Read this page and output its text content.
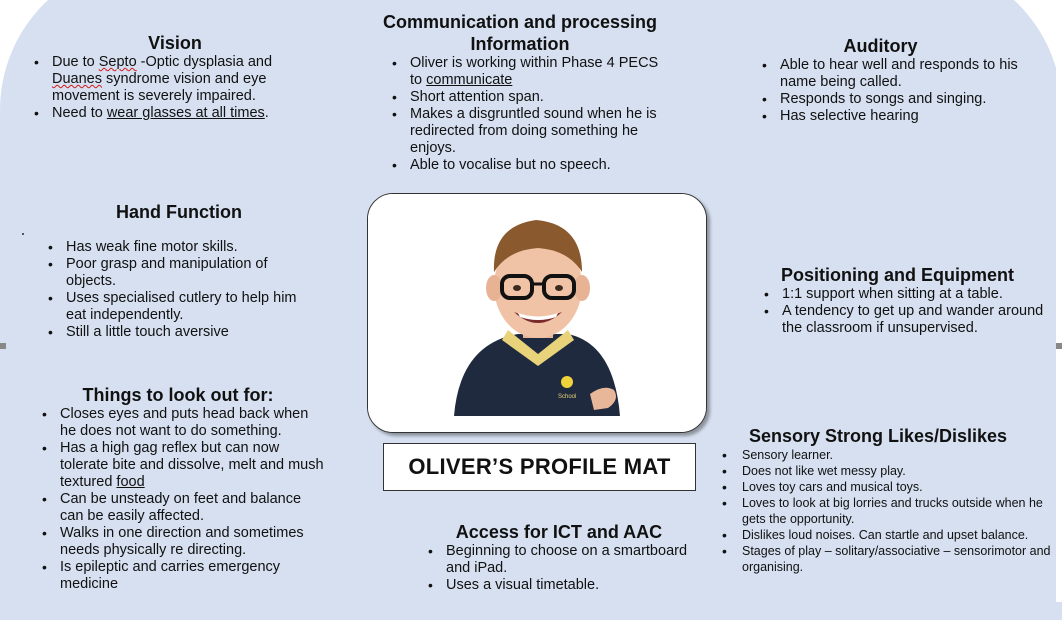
Vision

• Due to Septo -Optic dysplasia and Duanes syndrome vision and eye movement is severely impaired.
• Need to wear glasses at all times.

Communication and processing

Information

• Oliver is working within Phase 4 PECS to communicate
• Short attention span.
• Makes a disgruntled sound when he is redirected from doing something he enjoys.
• Able to vocalise but no speech.

Auditory

• Able to hear well and responds to his name being called.
• Responds to songs and singing.
• Has selective hearing

Hand Function

• Has weak fine motor skills.
• Poor grasp and manipulation of objects.
• Uses specialised cutlery to help him eat independently.
• Still a little touch aversive
School

Positioning and Equipment

• 1:1 support when sitting at a table.
• A tendency to get up and wander around the classroom if unsupervised.

Things to look out for:

• Closes eyes and puts head back when he does not want to do something.
• Has a high gag reflex but can now tolerate bite and dissolve, melt and mush textured food
• Can be unsteady on feet and balance can be easily affected.
• Walks in one direction and sometimes needs physically re directing.
• Is epileptic and carries emergency medicine
OLIVER’S PROFILE MAT

Sensory Strong Likes/Dislikes

• Sensory learner.
• Does not like wet messy play.
• Loves toy cars and musical toys.
• Loves to look at big lorries and trucks outside when he gets the opportunity.
• Dislikes loud noises. Can startle and upset balance.
• Stages of play – solitary/associative – sensorimotor and organising.

Access for ICT and AAC

• Beginning to choose on a smartboard and iPad.
• Uses a visual timetable.
